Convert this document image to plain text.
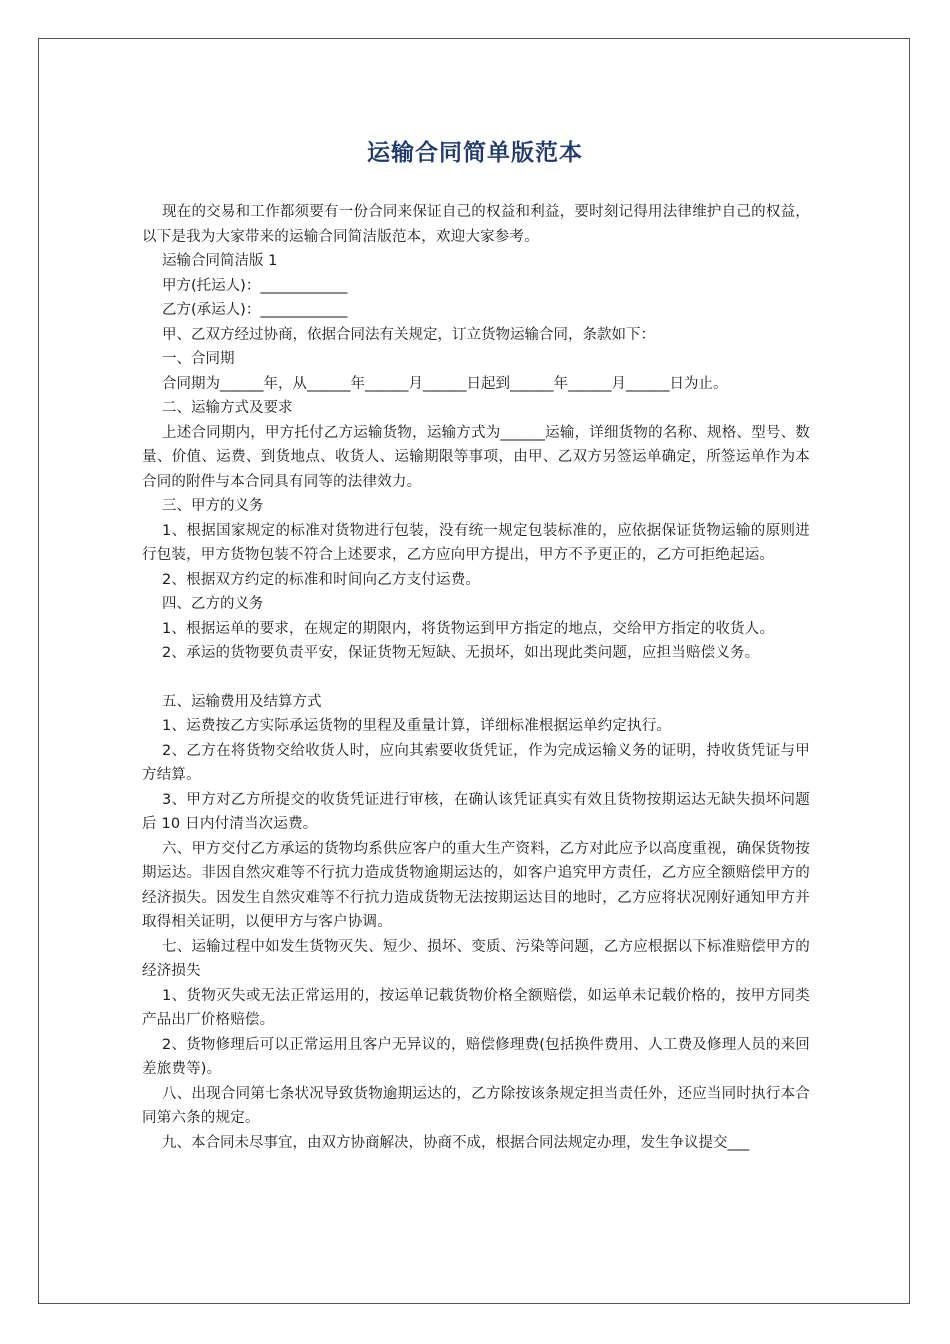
运输合同简单版范本

现在的交易和工作都须要有一份合同来保证自己的权益和利益，要时刻记得用法律维护自己的权益，以下是我为大家带来的运输合同简洁版范本，欢迎大家参考。

运输合同简洁版 1

甲方(托运人)：____________

乙方(承运人)：____________

甲、乙双方经过协商，依据合同法有关规定，订立货物运输合同，条款如下：

一、合同期

合同期为______年，从______年______月______日起到______年______月______日为止。

二、运输方式及要求

上述合同期内，甲方托付乙方运输货物，运输方式为______运输，详细货物的名称、规格、型号、数量、价值、运费、到货地点、收货人、运输期限等事项，由甲、乙双方另签运单确定，所签运单作为本合同的附件与本合同具有同等的法律效力。

三、甲方的义务

1、根据国家规定的标准对货物进行包装，没有统一规定包装标准的，应依据保证货物运输的原则进行包装，甲方货物包装不符合上述要求，乙方应向甲方提出，甲方不予更正的，乙方可拒绝起运。

2、根据双方约定的标准和时间向乙方支付运费。

四、乙方的义务

1、根据运单的要求，在规定的期限内，将货物运到甲方指定的地点，交给甲方指定的收货人。

2、承运的货物要负责平安，保证货物无短缺、无损坏，如出现此类问题，应担当赔偿义务。

五、运输费用及结算方式

1、运费按乙方实际承运货物的里程及重量计算，详细标准根据运单约定执行。

2、乙方在将货物交给收货人时，应向其索要收货凭证，作为完成运输义务的证明，持收货凭证与甲方结算。

3、甲方对乙方所提交的收货凭证进行审核，在确认该凭证真实有效且货物按期运达无缺失损坏问题后 10 日内付清当次运费。

六、甲方交付乙方承运的货物均系供应客户的重大生产资料，乙方对此应予以高度重视，确保货物按期运达。非因自然灾难等不行抗力造成货物逾期运达的，如客户追究甲方责任，乙方应全额赔偿甲方的经济损失。因发生自然灾难等不行抗力造成货物无法按期运达目的地时，乙方应将状况刚好通知甲方并取得相关证明，以便甲方与客户协调。

七、运输过程中如发生货物灭失、短少、损坏、变质、污染等问题，乙方应根据以下标准赔偿甲方的经济损失

1、货物灭失或无法正常运用的，按运单记载货物价格全额赔偿，如运单未记载价格的，按甲方同类产品出厂价格赔偿。

2、货物修理后可以正常运用且客户无异议的，赔偿修理费(包括换件费用、人工费及修理人员的来回差旅费等)。

八、出现合同第七条状况导致货物逾期运达的，乙方除按该条规定担当责任外，还应当同时执行本合同第六条的规定。

九、本合同未尽事宜，由双方协商解决，协商不成，根据合同法规定办理，发生争议提交___
